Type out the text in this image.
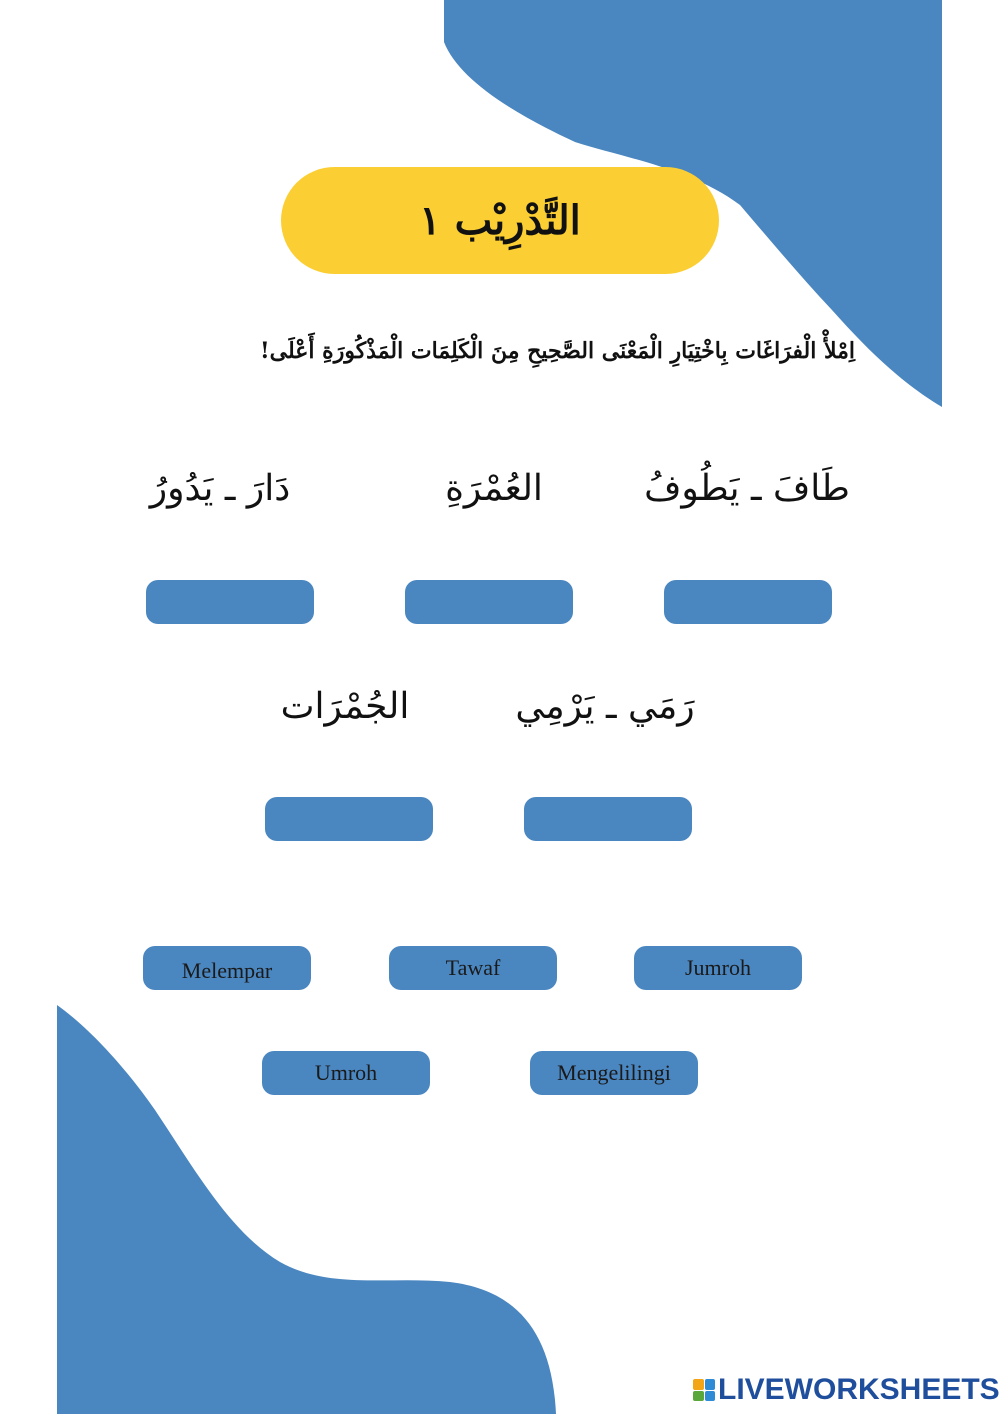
التَّدْرِيْب ١
اِمْلأْ الْفرَاغَات بِاخْتِيَارِ الْمَعْنَى الصَّحِيحِ مِنَ الْكَلِمَات الْمَذْكُورَةِ أَعْلَى!
طَافَ ـ يَطُوفُ
العُمْرَةِ
دَارَ ـ يَدُورُ
رَمَي ـ يَرْمِي
الجُمْرَات
Melempar	Tawaf	Jumroh
Umroh	Mengelilingi
LIVEWORKSHEETS
